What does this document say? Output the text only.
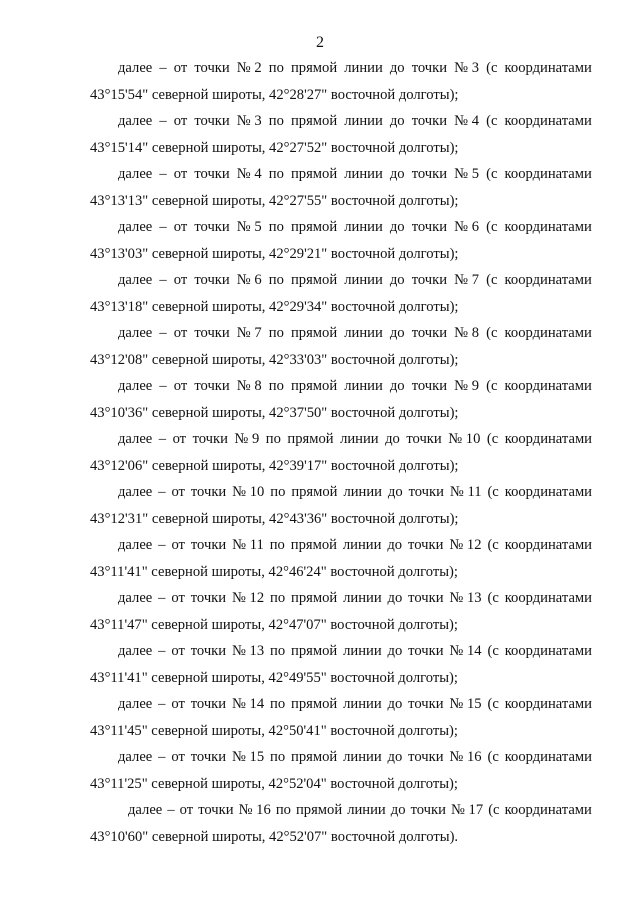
2
далее – от точки № 2 по прямой линии до точки № 3 (с координатами
43°15'54" северной широты, 42°28'27" восточной долготы);
далее – от точки № 3 по прямой линии до точки № 4 (с координатами
43°15'14" северной широты, 42°27'52" восточной долготы);
далее – от точки № 4 по прямой линии до точки № 5 (с координатами
43°13'13" северной широты, 42°27'55" восточной долготы);
далее – от точки № 5 по прямой линии до точки № 6 (с координатами
43°13'03" северной широты, 42°29'21" восточной долготы);
далее – от точки № 6 по прямой линии до точки № 7 (с координатами
43°13'18" северной широты, 42°29'34" восточной долготы);
далее – от точки № 7 по прямой линии до точки № 8 (с координатами
43°12'08" северной широты, 42°33'03" восточной долготы);
далее – от точки № 8 по прямой линии до точки № 9 (с координатами
43°10'36" северной широты, 42°37'50" восточной долготы);
далее – от точки № 9 по прямой линии до точки № 10 (с координатами
43°12'06" северной широты, 42°39'17" восточной долготы);
далее – от точки № 10 по прямой линии до точки № 11 (с координатами
43°12'31" северной широты, 42°43'36" восточной долготы);
далее – от точки № 11 по прямой линии до точки № 12 (с координатами
43°11'41" северной широты, 42°46'24" восточной долготы);
далее – от точки № 12 по прямой линии до точки № 13 (с координатами
43°11'47" северной широты, 42°47'07" восточной долготы);
далее – от точки № 13 по прямой линии до точки № 14 (с координатами
43°11'41" северной широты, 42°49'55" восточной долготы);
далее – от точки № 14 по прямой линии до точки № 15 (с координатами
43°11'45" северной широты, 42°50'41" восточной долготы);
далее – от точки № 15 по прямой линии до точки № 16 (с координатами
43°11'25" северной широты, 42°52'04" восточной долготы);
далее – от точки № 16 по прямой линии до точки № 17 (с координатами
43°10'60" северной широты, 42°52'07" восточной долготы).
